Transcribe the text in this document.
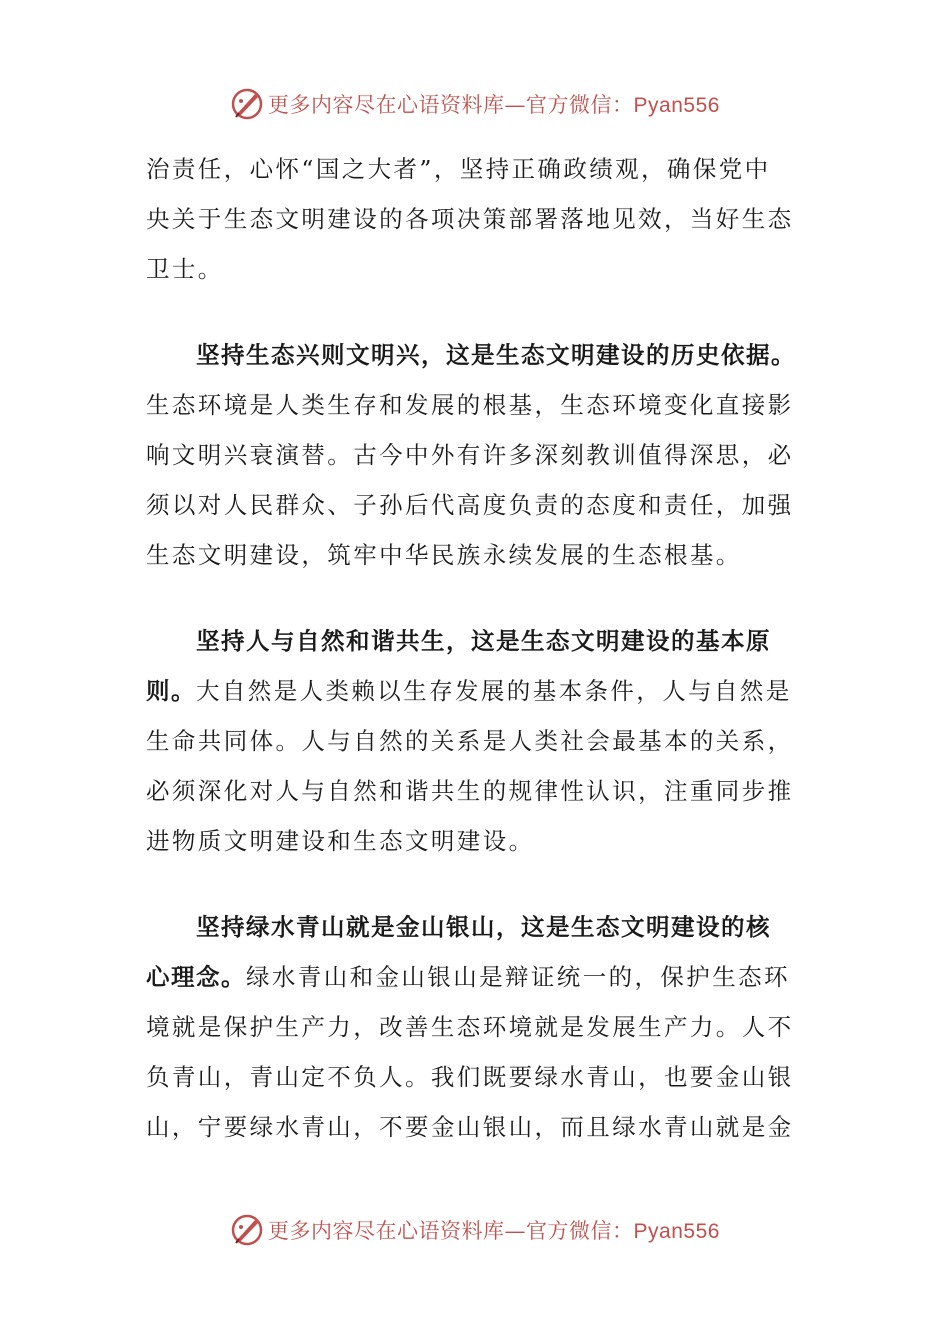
更多内容尽在心语资料库—官方微信：Pyan556
治责任，心怀“国之大者”，坚持正确政绩观，确保党中
央关于生态文明建设的各项决策部署落地见效，当好生态
卫士。
坚持生态兴则文明兴，这是生态文明建设的历史依据。
生态环境是人类生存和发展的根基，生态环境变化直接影
响文明兴衰演替。古今中外有许多深刻教训值得深思，必
须以对人民群众、子孙后代高度负责的态度和责任，加强
生态文明建设，筑牢中华民族永续发展的生态根基。
坚持人与自然和谐共生，这是生态文明建设的基本原
则。大自然是人类赖以生存发展的基本条件，人与自然是
生命共同体。人与自然的关系是人类社会最基本的关系，
必须深化对人与自然和谐共生的规律性认识，注重同步推
进物质文明建设和生态文明建设。
坚持绿水青山就是金山银山，这是生态文明建设的核
心理念。绿水青山和金山银山是辩证统一的，保护生态环
境就是保护生产力，改善生态环境就是发展生产力。人不
负青山，青山定不负人。我们既要绿水青山，也要金山银
山，宁要绿水青山，不要金山银山，而且绿水青山就是金
更多内容尽在心语资料库—官方微信：Pyan556
